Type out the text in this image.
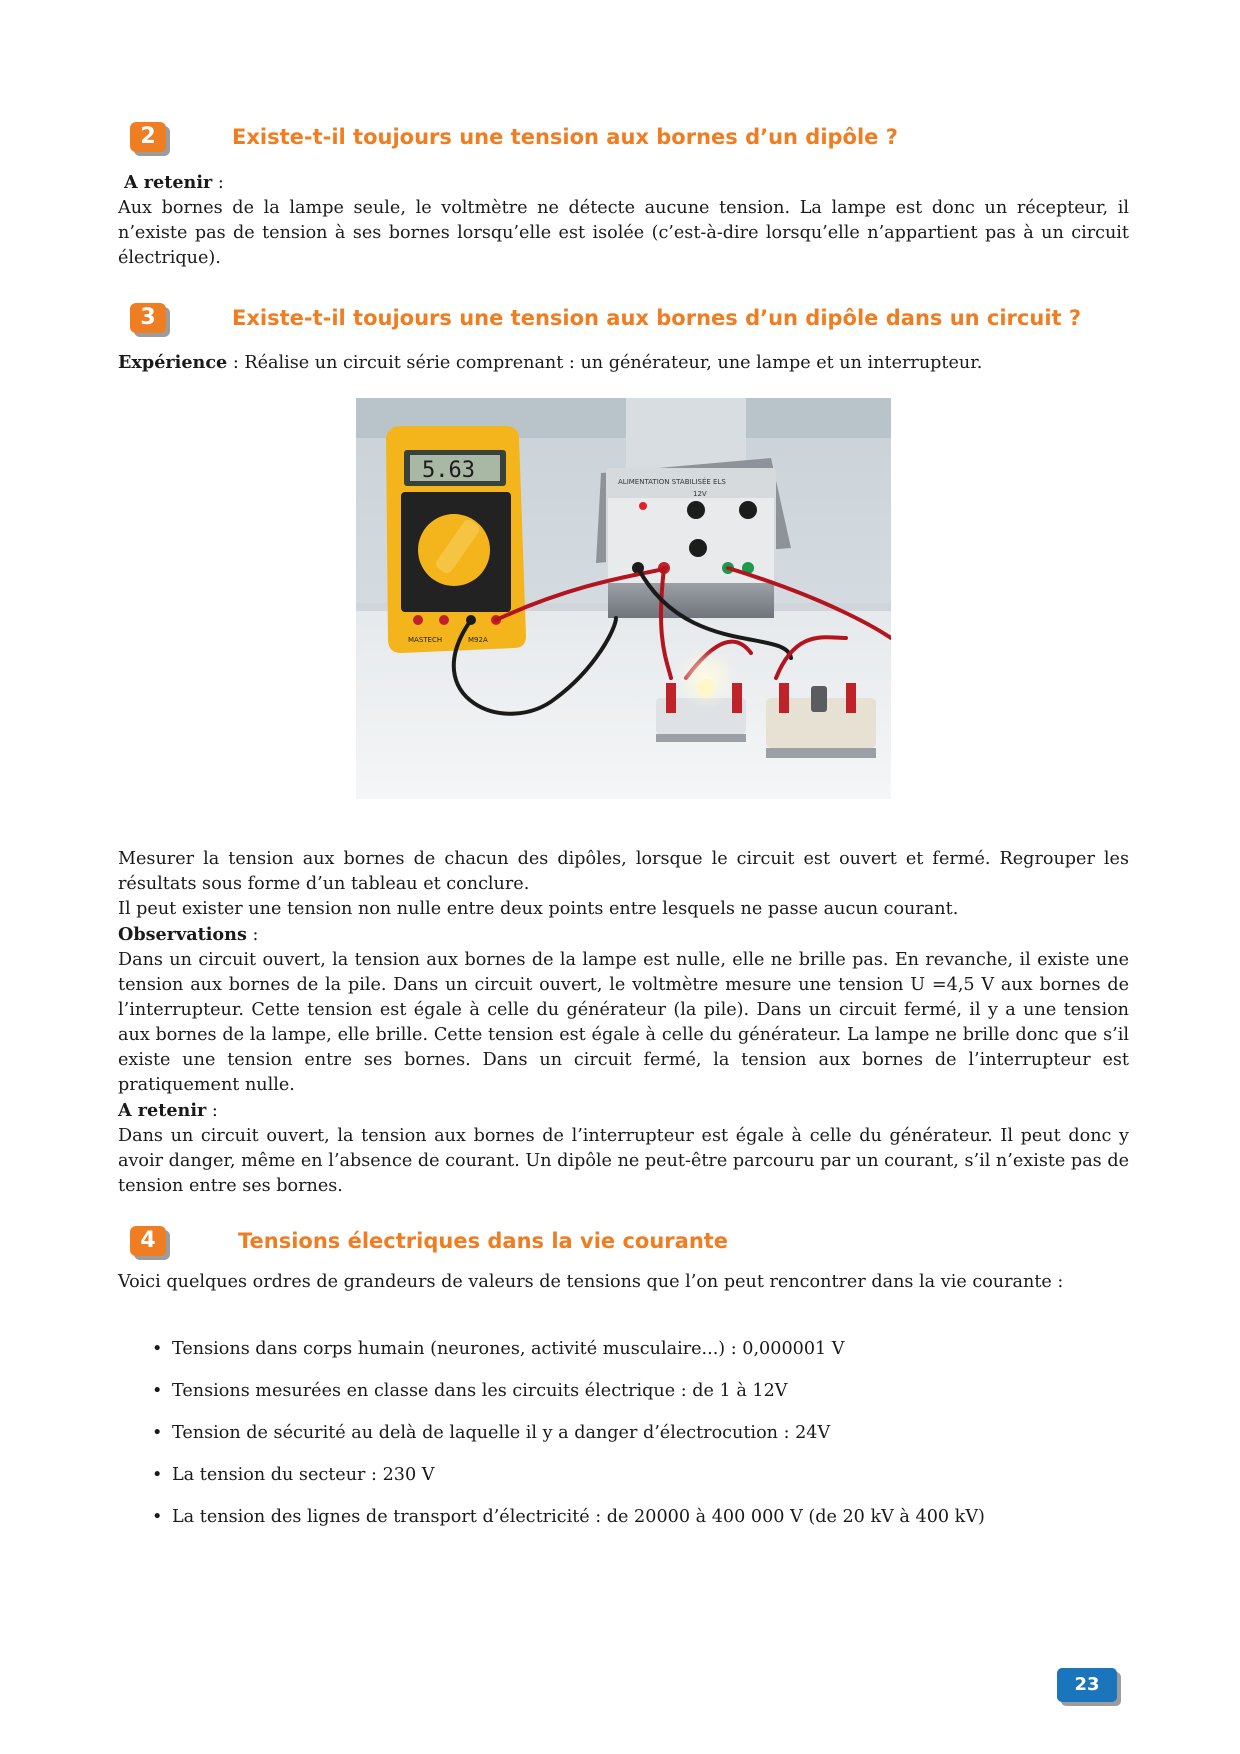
2	Existe-t-il toujours une tension aux bornes d’un dipôle ?

A retenir :

Aux bornes de la lampe seule, le voltmètre ne détecte aucune tension. La lampe est donc un récepteur, il n’existe pas de tension à ses bornes lorsqu’elle est isolée (c’est-à-dire lorsqu’elle n’appartient pas à un circuit électrique).

3	Existe-t-il toujours une tension aux bornes d’un dipôle dans un circuit ?

Expérience : Réalise un circuit série comprenant : un générateur, une lampe et un interrupteur.

ALIMENTATION STABILISÉE ELS
12V
5.63
MASTECH	M92A

Mesurer la tension aux bornes de chacun des dipôles, lorsque le circuit est ouvert et fermé. Regrouper les résultats sous forme d’un tableau et conclure.

Il peut exister une tension non nulle entre deux points entre lesquels ne passe aucun courant.

Observations :

Dans un circuit ouvert, la tension aux bornes de la lampe est nulle, elle ne brille pas. En revanche, il existe une tension aux bornes de la pile. Dans un circuit ouvert, le voltmètre mesure une tension U =4,5 V aux bornes de l’interrupteur. Cette tension est égale à celle du générateur (la pile). Dans un circuit fermé, il y a une tension aux bornes de la lampe, elle brille. Cette tension est égale à celle du générateur. La lampe ne brille donc que s’il existe une tension entre ses bornes. Dans un circuit fermé, la tension aux bornes de l’interrupteur est pratiquement nulle.

A retenir :

Dans un circuit ouvert, la tension aux bornes de l’interrupteur est égale à celle du générateur. Il peut donc y avoir danger, même en l’absence de courant. Un dipôle ne peut-être parcouru par un courant, s’il n’existe pas de tension entre ses bornes.

4	Tensions électriques dans la vie courante

Voici quelques ordres de grandeurs de valeurs de tensions que l’on peut rencontrer dans la vie courante :

• Tensions dans corps humain (neurones, activité musculaire...) : 0,000001 V
• Tensions mesurées en classe dans les circuits électrique : de 1 à 12V
• Tension de sécurité au delà de laquelle il y a danger d’électrocution : 24V
• La tension du secteur : 230 V
• La tension des lignes de transport d’électricité : de 20000 à 400 000 V (de 20 kV à 400 kV)
23
